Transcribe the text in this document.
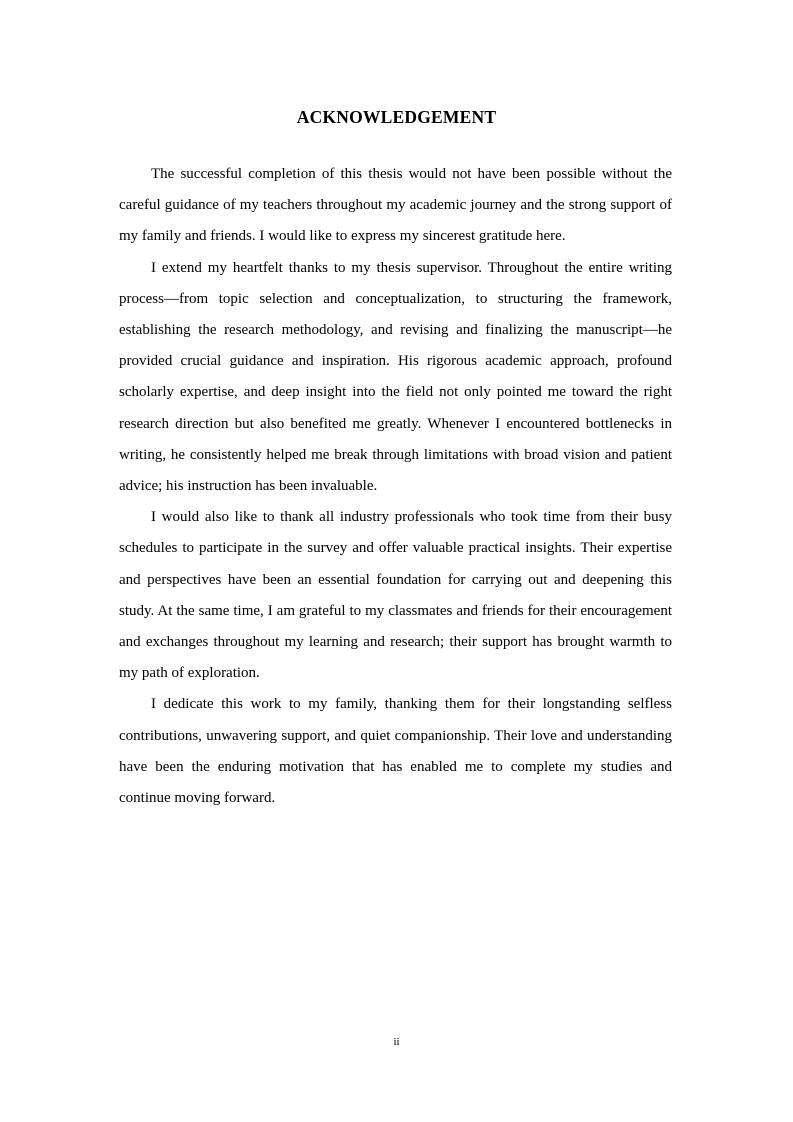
ACKNOWLEDGEMENT

The successful completion of this thesis would not have been possible without the careful guidance of my teachers throughout my academic journey and the strong support of my family and friends. I would like to express my sincerest gratitude here.

I extend my heartfelt thanks to my thesis supervisor. Throughout the entire writing process—from topic selection and conceptualization, to structuring the framework, establishing the research methodology, and revising and finalizing the manuscript—he provided crucial guidance and inspiration. His rigorous academic approach, profound scholarly expertise, and deep insight into the field not only pointed me toward the right research direction but also benefited me greatly. Whenever I encountered bottlenecks in writing, he consistently helped me break through limitations with broad vision and patient advice; his instruction has been invaluable.

I would also like to thank all industry professionals who took time from their busy schedules to participate in the survey and offer valuable practical insights. Their expertise and perspectives have been an essential foundation for carrying out and deepening this study. At the same time, I am grateful to my classmates and friends for their encouragement and exchanges throughout my learning and research; their support has brought warmth to my path of exploration.

I dedicate this work to my family, thanking them for their longstanding selfless contributions, unwavering support, and quiet companionship. Their love and understanding have been the enduring motivation that has enabled me to complete my studies and continue moving forward.

ii
